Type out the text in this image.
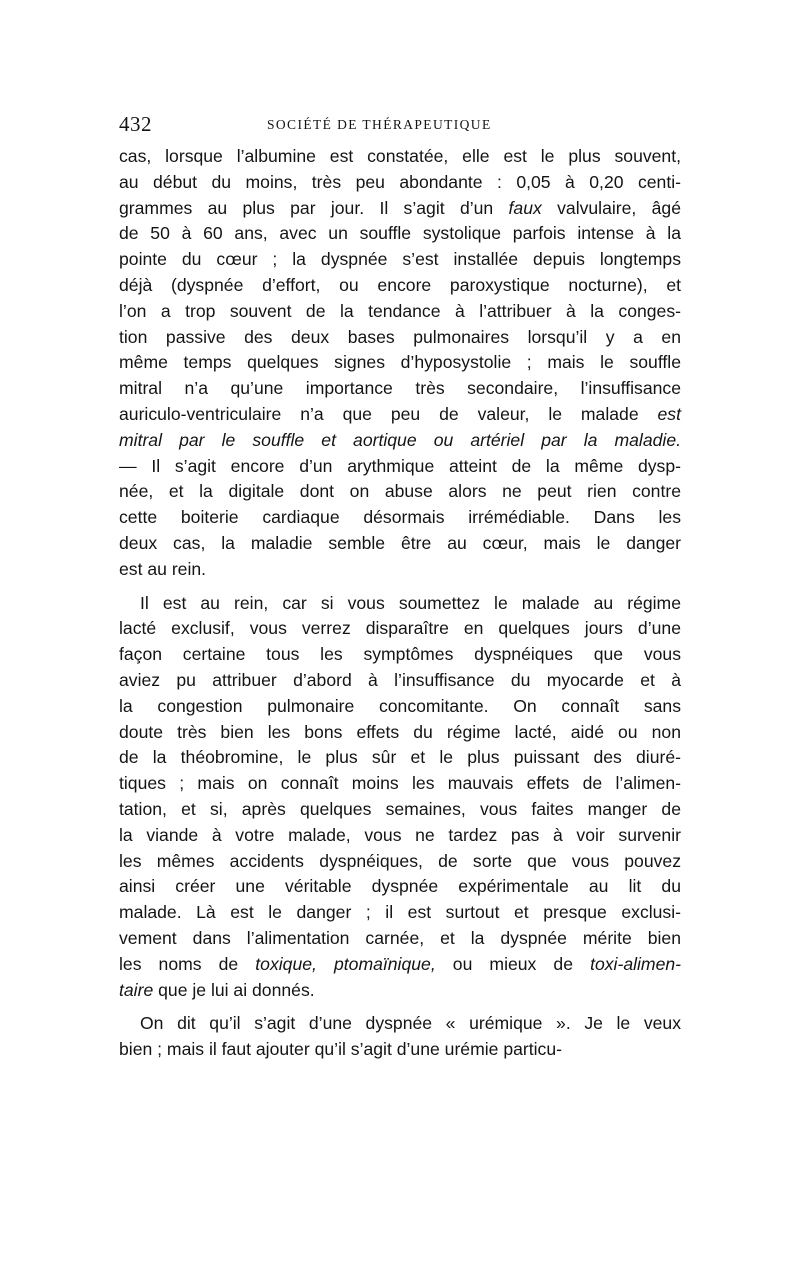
432	SOCIÉTÉ DE THÉRAPEUTIQUE
cas, lorsque l’albumine est constatée, elle est le plus souvent,
au début du moins, très peu abondante : 0,05 à 0,20 centi-
grammes au plus par jour. Il s’agit d’un faux valvulaire, âgé
de 50 à 60 ans, avec un souffle systolique parfois intense à la
pointe du cœur ; la dyspnée s’est installée depuis longtemps
déjà (dyspnée d’effort, ou encore paroxystique nocturne), et
l’on a trop souvent de la tendance à l’attribuer à la conges-
tion passive des deux bases pulmonaires lorsqu’il y a en
même temps quelques signes d’hyposystolie ; mais le souffle
mitral n’a qu’une importance très secondaire, l’insuffisance
auriculo-ventriculaire n’a que peu de valeur, le malade est
mitral par le souffle et aortique ou artériel par la maladie.
— Il s’agit encore d’un arythmique atteint de la même dysp-
née, et la digitale dont on abuse alors ne peut rien contre
cette boiterie cardiaque désormais irrémédiable. Dans les
deux cas, la maladie semble être au cœur, mais le danger
est au rein.
Il est au rein, car si vous soumettez le malade au régime
lacté exclusif, vous verrez disparaître en quelques jours d’une
façon certaine tous les symptômes dyspnéiques que vous
aviez pu attribuer d’abord à l’insuffisance du myocarde et à
la congestion pulmonaire concomitante. On connaît sans
doute très bien les bons effets du régime lacté, aidé ou non
de la théobromine, le plus sûr et le plus puissant des diuré-
tiques ; mais on connaît moins les mauvais effets de l’alimen-
tation, et si, après quelques semaines, vous faites manger de
la viande à votre malade, vous ne tardez pas à voir survenir
les mêmes accidents dyspnéiques, de sorte que vous pouvez
ainsi créer une véritable dyspnée expérimentale au lit du
malade. Là est le danger ; il est surtout et presque exclusi-
vement dans l’alimentation carnée, et la dyspnée mérite bien
les noms de toxique, ptomaïnique, ou mieux de toxi-alimen-
taire que je lui ai donnés.
On dit qu’il s’agit d’une dyspnée « urémique ». Je le veux
bien ; mais il faut ajouter qu’il s’agit d’une urémie particu-
